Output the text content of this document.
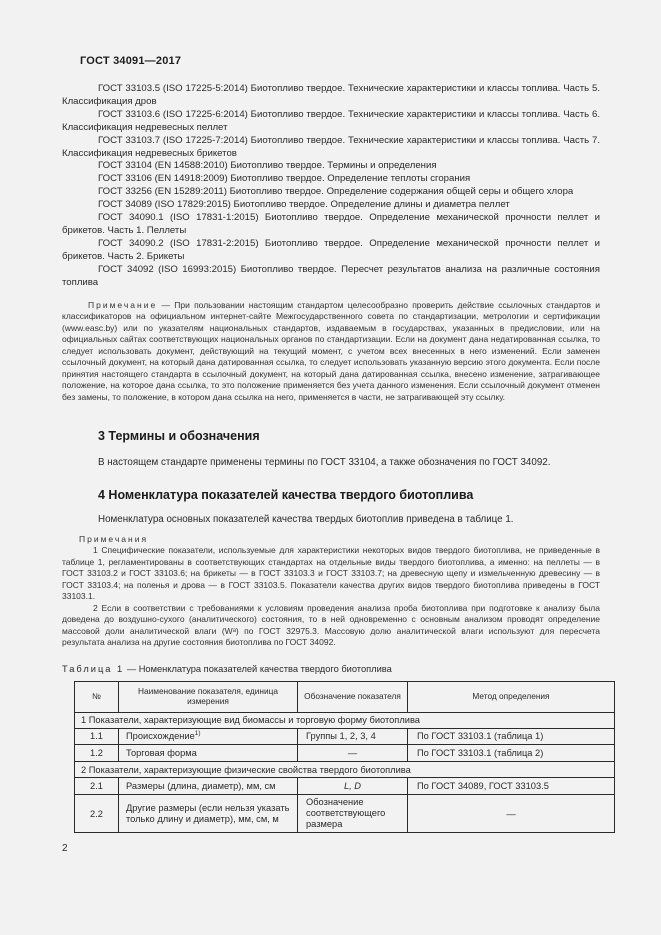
ГОСТ 34091—2017

ГОСТ 33103.5 (ISO 17225-5:2014) Биотопливо твердое. Технические характеристики и классы топлива. Часть 5. Классификация дров

ГОСТ 33103.6 (ISO 17225-6:2014) Биотопливо твердое. Технические характеристики и классы топлива. Часть 6. Классификация недревесных пеллет

ГОСТ 33103.7 (ISO 17225-7:2014) Биотопливо твердое. Технические характеристики и классы топлива. Часть 7. Классификация недревесных брикетов

ГОСТ 33104 (EN 14588:2010) Биотопливо твердое. Термины и определения

ГОСТ 33106 (EN 14918:2009) Биотопливо твердое. Определение теплоты сгорания

ГОСТ 33256 (EN 15289:2011) Биотопливо твердое. Определение содержания общей серы и общего хлора

ГОСТ 34089 (ISO 17829:2015) Биотопливо твердое. Определение длины и диаметра пеллет

ГОСТ 34090.1 (ISO 17831-1:2015) Биотопливо твердое. Определение механической прочности пеллет и брикетов. Часть 1. Пеллеты

ГОСТ 34090.2 (ISO 17831-2:2015) Биотопливо твердое. Определение механической прочности пеллет и брикетов. Часть 2. Брикеты

ГОСТ 34092 (ISO 16993:2015) Биотопливо твердое. Пересчет результатов анализа на различные состояния топлива

Примечание — При пользовании настоящим стандартом целесообразно проверить действие ссылочных стандартов и классификаторов на официальном интернет-сайте Межгосударственного совета по стандартизации, метрологии и сертификации (www.easc.by) или по указателям национальных стандартов, издаваемым в государствах, указанных в предисловии, или на официальных сайтах соответствующих национальных органов по стандартизации. Если на документ дана недатированная ссылка, то следует использовать документ, действующий на текущий момент, с учетом всех внесенных в него изменений. Если заменен ссылочный документ, на который дана датированная ссылка, то следует использовать указанную версию этого документа. Если после принятия настоящего стандарта в ссылочный документ, на который дана датированная ссылка, внесено изменение, затрагивающее положение, на которое дана ссылка, то это положение применяется без учета данного изменения. Если ссылочный документ отменен без замены, то положение, в котором дана ссылка на него, применяется в части, не затрагивающей эту ссылку.

3 Термины и обозначения

В настоящем стандарте применены термины по ГОСТ 33104, а также обозначения по ГОСТ 34092.

4 Номенклатура показателей качества твердого биотоплива

Номенклатура основных показателей качества твердых биотоплив приведена в таблице 1.

Примечания

1 Специфические показатели, используемые для характеристики некоторых видов твердого биотоплива, не приведенные в таблице 1, регламентированы в соответствующих стандартах на отдельные виды твердого биотоплива, а именно: на пеллеты — в ГОСТ 33103.2 и ГОСТ 33103.6; на брикеты — в ГОСТ 33103.3 и ГОСТ 33103.7; на древесную щепу и измельченную древесину — в ГОСТ 33103.4; на поленья и дрова — в ГОСТ 33103.5. Показатели качества других видов твердого биотоплива приведены в ГОСТ 33103.1.

2 Если в соответствии с требованиями к условиям проведения анализа проба биотоплива при подготовке к анализу была доведена до воздушно-сухого (аналитического) состояния, то в ней одновременно с основным анализом проводят определение массовой доли аналитической влаги (Wᵃ) по ГОСТ 32975.3. Массовую долю аналитической влаги используют для пересчета результата анализа на другие состояния биотоплива по ГОСТ 34092.

Таблица 1 — Номенклатура показателей качества твердого биотоплива

№	Наименование показателя, единица измерения	Обозначение показателя	Метод определения
1 Показатели, характеризующие вид биомассы и торговую форму биотоплива			
1.1	Происхождение$^{1)}$	Группы 1, 2, 3, 4	По ГОСТ 33103.1 (таблица 1)
1.2	Торговая форма	—	По ГОСТ 33103.1 (таблица 2)
2 Показатели, характеризующие физические свойства твердого биотоплива			
2.1	Размеры (длина, диаметр), мм, см	L, D	По ГОСТ 34089, ГОСТ 33103.5
2.2	Другие размеры (если нельзя указать только длину и диаметр), мм, см, м	Обозначение соответствующего размера	—
2
